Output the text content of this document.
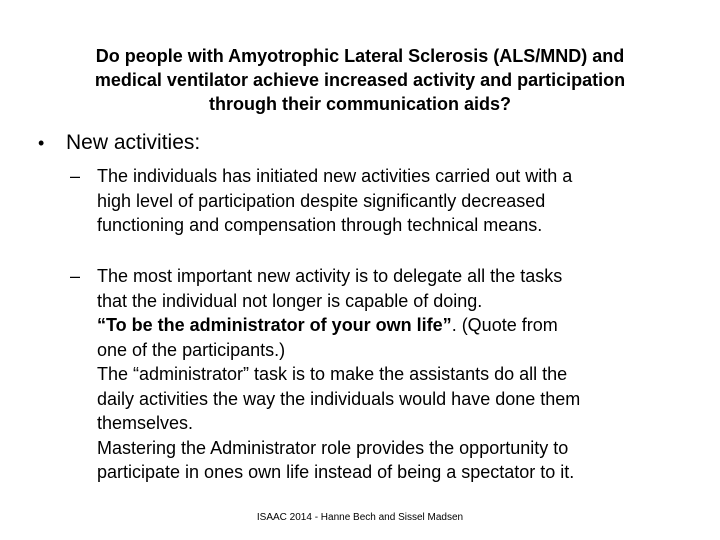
Do people with Amyotrophic Lateral Sclerosis (ALS/MND) and
medical ventilator achieve increased activity and participation
through their communication aids?
• New activities:
– The individuals has initiated new activities carried out with a
high level of participation despite significantly decreased
functioning and compensation through technical means.
– The most important new activity is to delegate all the tasks
that the individual not longer is capable of doing.
“To be the administrator of your own life”. (Quote from
one of the participants.)
The “administrator” task is to make the assistants do all the
daily activities the way the individuals would have done them
themselves.
Mastering the Administrator role provides the opportunity to
participate in ones own life instead of being a spectator to it.
ISAAC 2014 - Hanne Bech and Sissel Madsen
